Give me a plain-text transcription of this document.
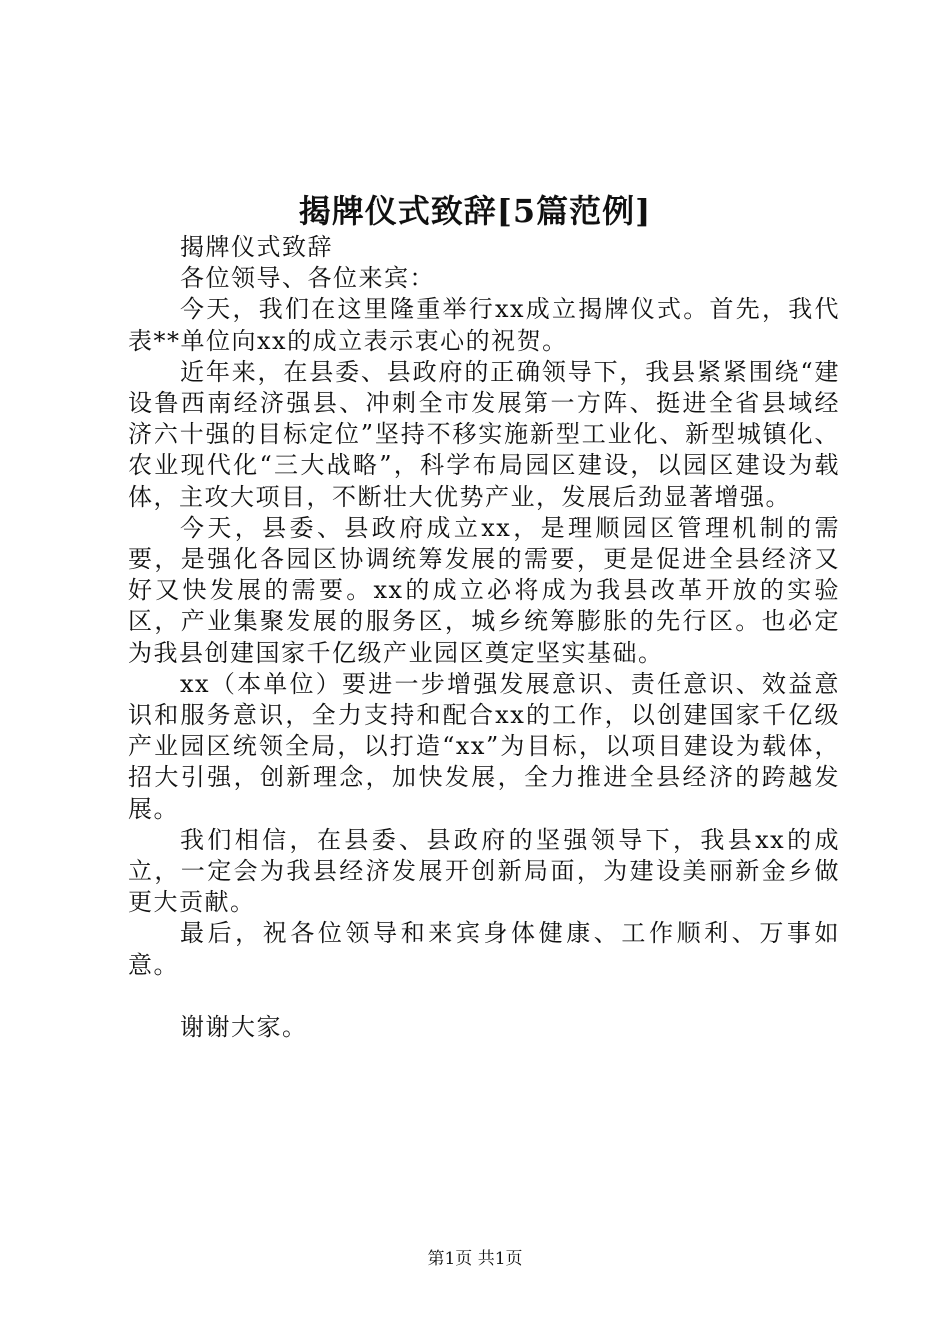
揭牌仪式致辞[5篇范例]

揭牌仪式致辞

各位领导、各位来宾：

今天，我们在这里隆重举行xx成立揭牌仪式。首先，我代表**单位向xx的成立表示衷心的祝贺。

近年来，在县委、县政府的正确领导下，我县紧紧围绕“建设鲁西南经济强县、冲刺全市发展第一方阵、挺进全省县域经济六十强的目标定位”坚持不移实施新型工业化、新型城镇化、农业现代化“三大战略”，科学布局园区建设，以园区建设为载体，主攻大项目，不断壮大优势产业，发展后劲显著增强。

今天，县委、县政府成立xx，是理顺园区管理机制的需要，是强化各园区协调统筹发展的需要，更是促进全县经济又好又快发展的需要。xx的成立必将成为我县改革开放的实验区，产业集聚发展的服务区，城乡统筹膨胀的先行区。也必定为我县创建国家千亿级产业园区奠定坚实基础。

xx（本单位）要进一步增强发展意识、责任意识、效益意识和服务意识，全力支持和配合xx的工作，以创建国家千亿级产业园区统领全局，以打造“xx”为目标，以项目建设为载体，招大引强，创新理念，加快发展，全力推进全县经济的跨越发展。

我们相信，在县委、县政府的坚强领导下，我县xx的成立，一定会为我县经济发展开创新局面，为建设美丽新金乡做更大贡献。

最后，祝各位领导和来宾身体健康、工作顺利、万事如意。

谢谢大家。

第1页 共1页
